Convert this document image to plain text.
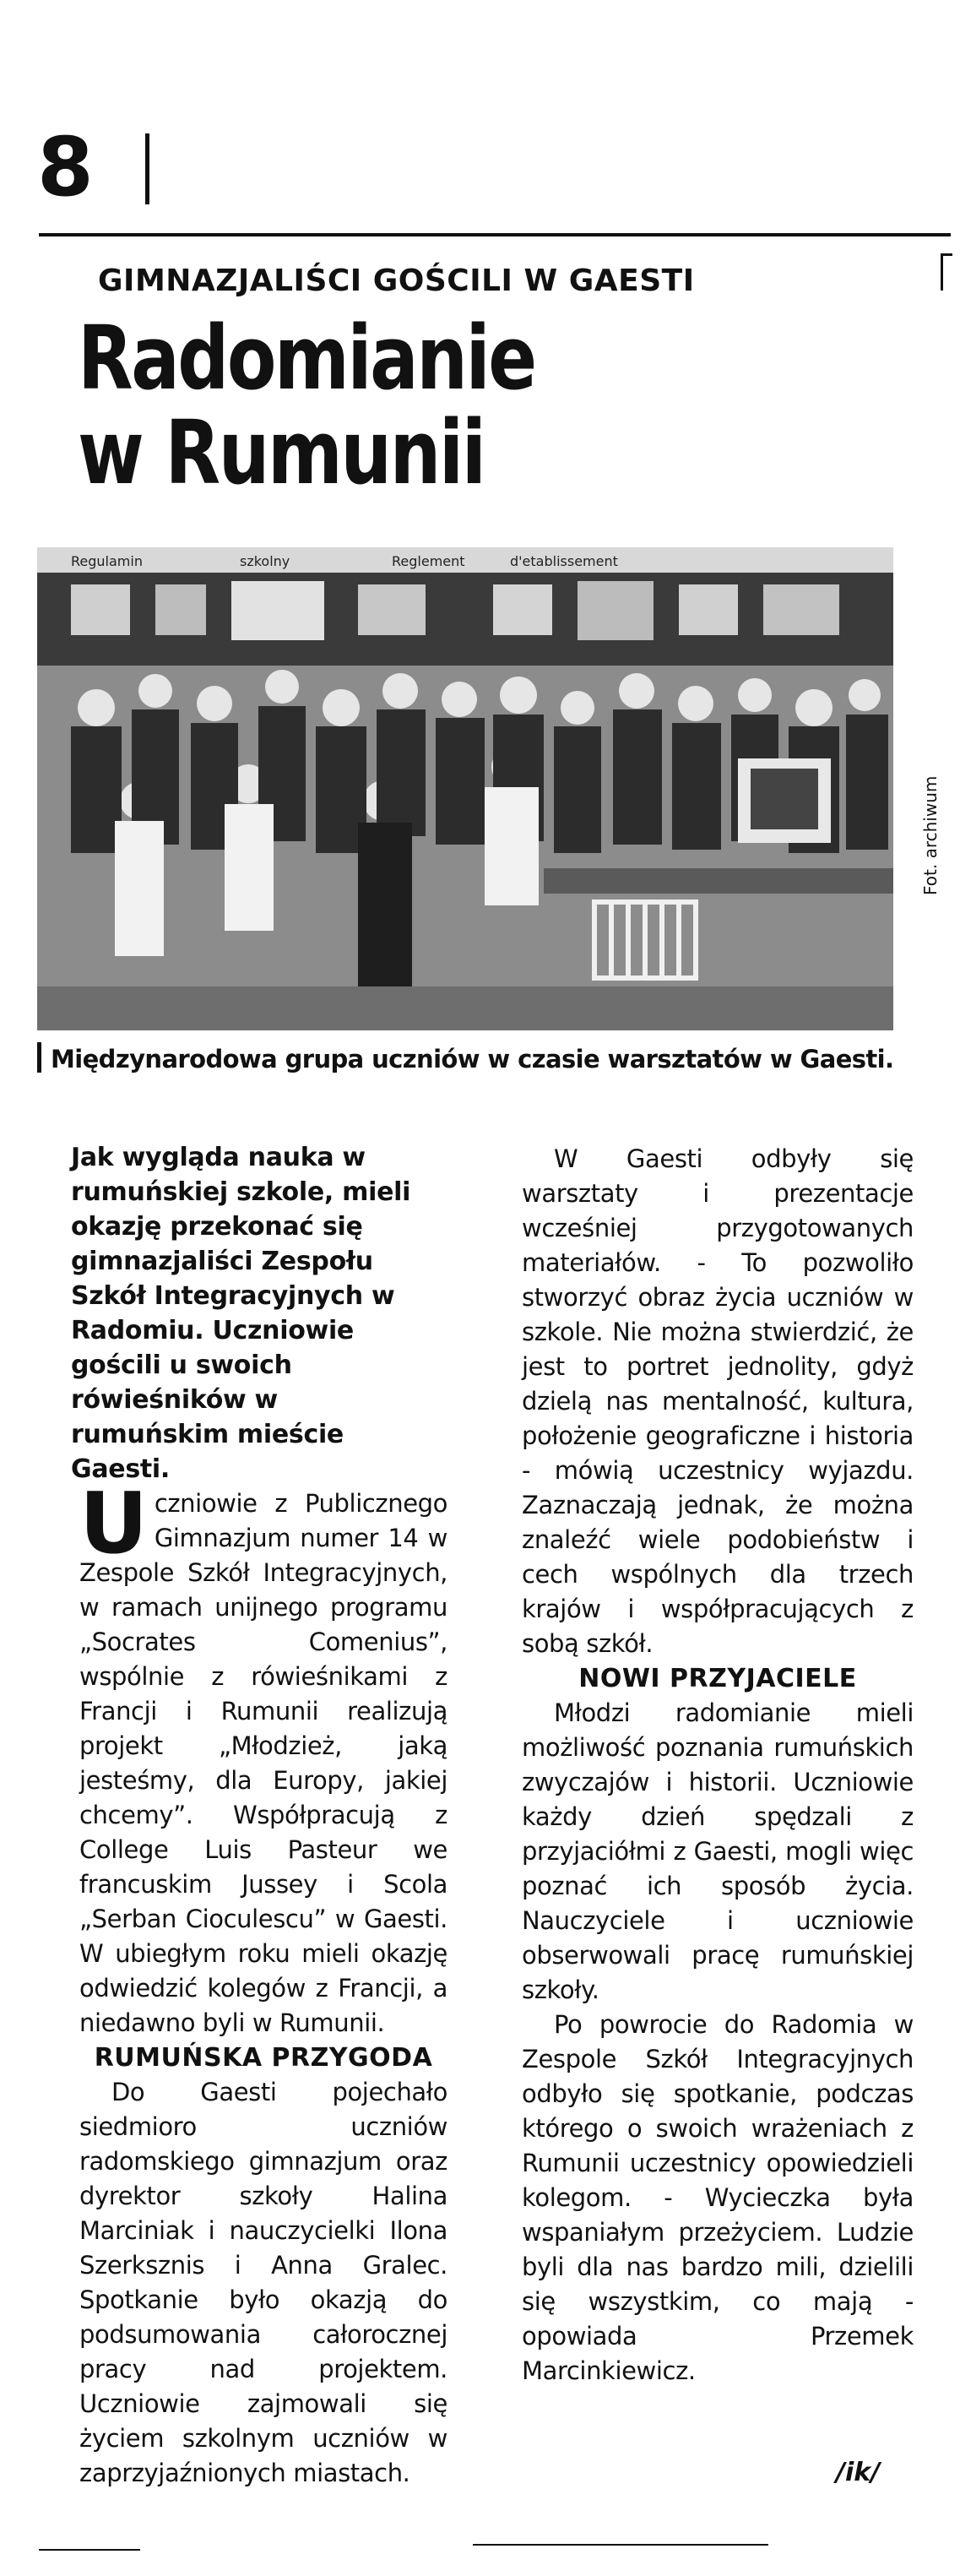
8
GIMNAZJALIŚCI GOŚCILI W GAESTI
Radomianie
w Rumunii
Regulamin	szkolny	Reglement	d'etablissement
Fot. archiwum
Międzynarodowa grupa uczniów w czasie warsztatów w Gaesti.
Jak wygląda nauka w rumuńskiej szkole, mieli okazję przekonać się gimnazjaliści Zespołu Szkół Integracyjnych w Radomiu. Uczniowie gościli u swoich rówieśników w rumuńskim mieście Gaesti.

Uczniowie z Publicznego Gimnazjum numer 14 w Zespole Szkół Integracyjnych, w ramach unijnego programu „Socrates Comenius”, wspólnie z rówieśnikami z Francji i Rumunii realizują projekt „Młodzież, jaką jesteśmy, dla Europy, jakiej chcemy”. Współpracują z College Luis Pasteur we francuskim Jussey i Scola „Serban Cioculescu” w Gaesti. W ubiegłym roku mieli okazję odwiedzić kolegów z Francji, a niedawno byli w Rumunii.

RUMUŃSKA PRZYGODA

Do Gaesti pojechało siedmioro uczniów radomskiego gimnazjum oraz dyrektor szkoły Halina Marciniak i nauczycielki Ilona Szerksznis i Anna Gralec. Spotkanie było okazją do podsumowania całorocznej pracy nad projektem. Uczniowie zajmowali się życiem szkolnym uczniów w zaprzyjaźnionych miastach.

W Gaesti odbyły się warsztaty i prezentacje wcześniej przygotowanych materiałów. - To pozwoliło stworzyć obraz życia uczniów w szkole. Nie można stwierdzić, że jest to portret jednolity, gdyż dzielą nas mentalność, kultura, położenie geograficzne i historia - mówią uczestnicy wyjazdu. Zaznaczają jednak, że można znaleźć wiele podobieństw i cech wspólnych dla trzech krajów i współpracujących z sobą szkół.

NOWI PRZYJACIELE

Młodzi radomianie mieli możliwość poznania rumuńskich zwyczajów i historii. Uczniowie każdy dzień spędzali z przyjaciółmi z Gaesti, mogli więc poznać ich sposób życia. Nauczyciele i uczniowie obserwowali pracę rumuńskiej szkoły.

Po powrocie do Radomia w Zespole Szkół Integracyjnych odbyło się spotkanie, podczas którego o swoich wrażeniach z Rumunii uczestnicy opowiedzieli kolegom. - Wycieczka była wspaniałym przeżyciem. Ludzie byli dla nas bardzo mili, dzielili się wszystkim, co mają - opowiada Przemek Marcinkiewicz.

/ik/
